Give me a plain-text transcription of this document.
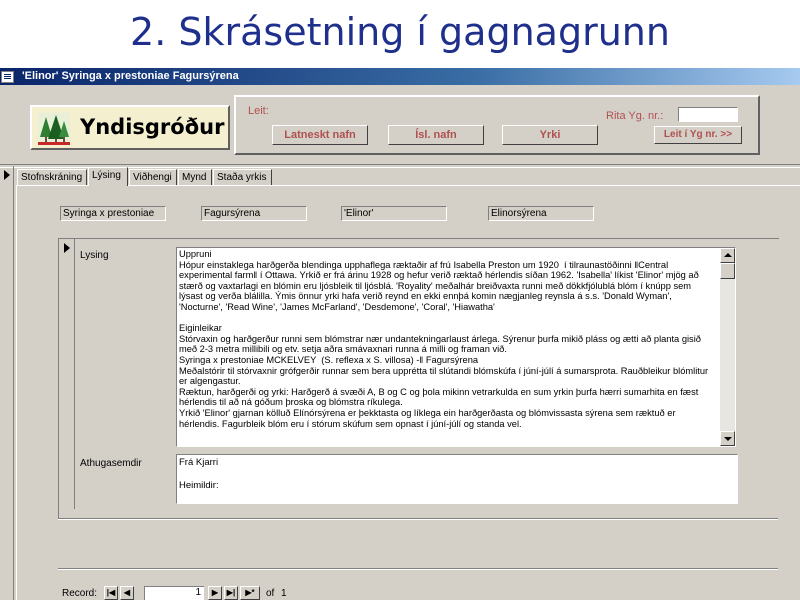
2. Skrásetning í gagnagrunn
'Elinor' Syringa x prestoniae Fagursýrena
Yndisgróður
Leit:	Rita Yg. nr.:
Latneskt nafn	Ísl. nafn	Yrki	Leit í Yg nr. >>
Stofnskráning Lýsing	Viðhengi	Mynd	Staða yrkis
Syringa x prestoniae	Fagursýrena	'Elinor'	Elinorsýrena
Lysing	Uppruni

Hópur einstaklega harðgerða blendinga upphaflega ræktaðir af frú Isabella Preston um 1920  í tilraunastöðinni ‖Central experimental farm‖ í Ottawa. Yrkið er frá árinu 1928 og hefur verið ræktað hérlendis síðan 1962. 'Isabella' líkist 'Elinor' mjög að stærð og vaxtarlagi en blómin eru ljósbleik til ljósblá. 'Royality' meðalhár breiðvaxta runni með dökkfjólublá blóm í knúpp sem lýsast og verða blálilla. Ýmis önnur yrki hafa verið reynd en ekki ennþá komin nægjanleg reynsla á s.s. 'Donald Wyman', 'Nocturne', 'Read Wine', 'James McFarland', 'Desdemone', 'Coral', 'Hiawatha'

Eiginleikar

Stórvaxin og harðgerður runni sem blómstrar nær undantekningarlaust árlega. Sýrenur þurfa mikið pláss og ætti að planta gisið með 2-3 metra millibili og etv. setja aðra smávaxnari runna á milli og framan við.

Syringa x prestoniae MCKELVEY  (S. reflexa x S. villosa) -‖ Fagursýrena

Meðalstórir til stórvaxnir grófgerðir runnar sem bera upprétta til slútandi blómskúfa í júní-júlí á sumarsprota. Rauðbleikur blómlitur er algengastur.

Ræktun, harðgerði og yrki: Harðgerð á svæði A, B og C og þola mikinn vetrarkulda en sum yrkin þurfa hærri sumarhita en fæst hérlendis til að ná góðum þroska og blómstra ríkulega.

Yrkið 'Elinor' gjarnan kölluð Elínórsýrena er þekktasta og líklega ein harðgerðasta og blómvissasta sýrena sem ræktuð er hérlendis. Fagurbleik blóm eru í stórum skúfum sem opnast í júní-júlí og standa vel.

Athugasemdir	Frá Kjarri

Heimildir:

Record:	|◀	◀	1	▶	▶|	▶*	of 1
